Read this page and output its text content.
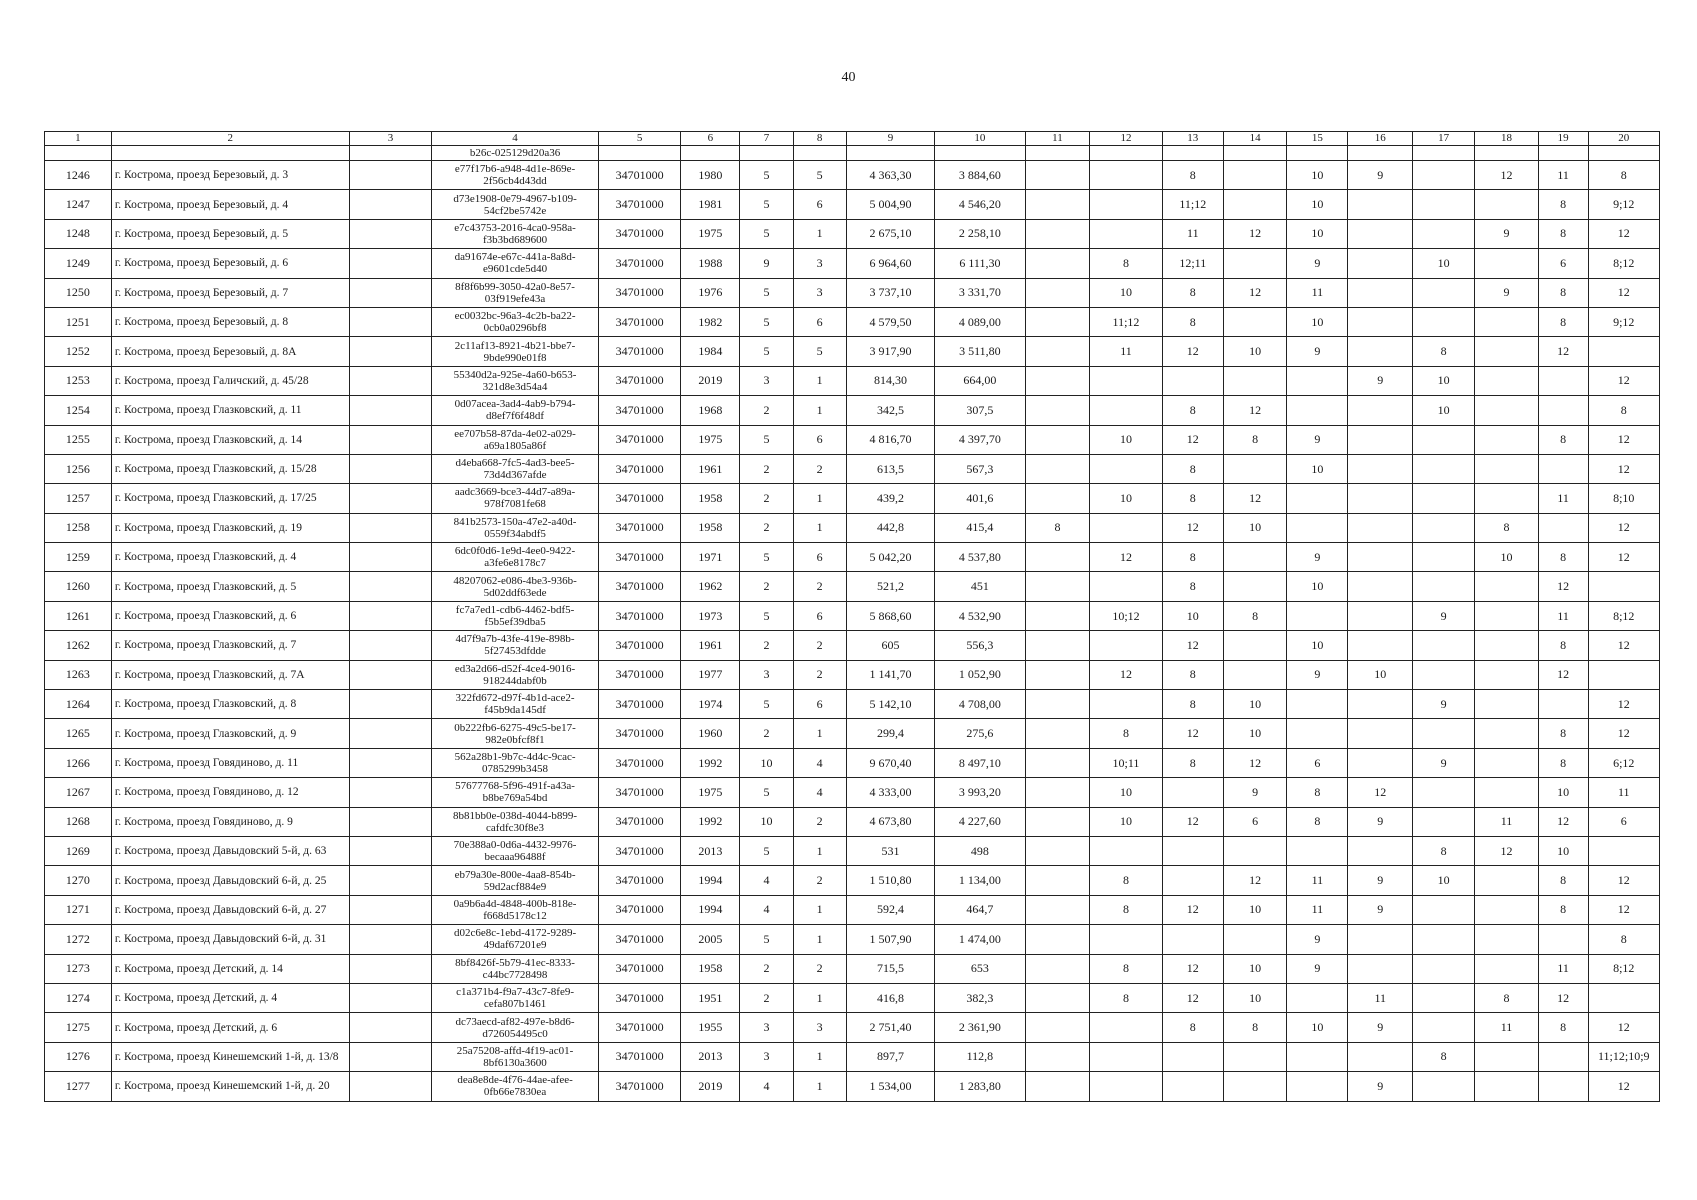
40
1	2	3	4	5	6	7	8	9	10	11	12	13	14	15	16	17	18	19	20
			b26c-025129d20a36																
1246	г. Кострома, проезд Березовый, д. 3		e77f17b6-a948-4d1e-869e-2f56cb4d43dd	34701000	1980	5	5	4 363,30	3 884,60			8		10	9		12	11	8
1247	г. Кострома, проезд Березовый, д. 4		d73e1908-0e79-4967-b109-54cf2be5742e	34701000	1981	5	6	5 004,90	4 546,20			11;12		10				8	9;12
1248	г. Кострома, проезд Березовый, д. 5		e7c43753-2016-4ca0-958a-f3b3bd689600	34701000	1975	5	1	2 675,10	2 258,10			11	12	10			9	8	12
1249	г. Кострома, проезд Березовый, д. 6		da91674e-e67c-441a-8a8d-e9601cde5d40	34701000	1988	9	3	6 964,60	6 111,30		8	12;11		9		10		6	8;12
1250	г. Кострома, проезд Березовый, д. 7		8f8f6b99-3050-42a0-8e57-03f919efe43a	34701000	1976	5	3	3 737,10	3 331,70		10	8	12	11			9	8	12
1251	г. Кострома, проезд Березовый, д. 8		ec0032bc-96a3-4c2b-ba22-0cb0a0296bf8	34701000	1982	5	6	4 579,50	4 089,00		11;12	8		10				8	9;12
1252	г. Кострома, проезд Березовый, д. 8А		2c11af13-8921-4b21-bbe7-9bde990e01f8	34701000	1984	5	5	3 917,90	3 511,80		11	12	10	9		8		12	
1253	г. Кострома, проезд Галичский, д. 45/28		55340d2a-925e-4a60-b653-321d8e3d54a4	34701000	2019	3	1	814,30	664,00						9	10			12
1254	г. Кострома, проезд Глазковский, д. 11		0d07acea-3ad4-4ab9-b794-d8ef7f6f48df	34701000	1968	2	1	342,5	307,5			8	12			10			8
1255	г. Кострома, проезд Глазковский, д. 14		ee707b58-87da-4e02-a029-a69a1805a86f	34701000	1975	5	6	4 816,70	4 397,70		10	12	8	9				8	12
1256	г. Кострома, проезд Глазковский, д. 15/28		d4eba668-7fc5-4ad3-bee5-73d4d367afde	34701000	1961	2	2	613,5	567,3			8		10					12
1257	г. Кострома, проезд Глазковский, д. 17/25		aadc3669-bce3-44d7-a89a-978f7081fe68	34701000	1958	2	1	439,2	401,6		10	8	12					11	8;10
1258	г. Кострома, проезд Глазковский, д. 19		841b2573-150a-47e2-a40d-0559f34abdf5	34701000	1958	2	1	442,8	415,4	8		12	10				8		12
1259	г. Кострома, проезд Глазковский, д. 4		6dc0f0d6-1e9d-4ee0-9422-a3fe6e8178c7	34701000	1971	5	6	5 042,20	4 537,80		12	8		9			10	8	12
1260	г. Кострома, проезд Глазковский, д. 5		48207062-e086-4be3-936b-5d02ddf63ede	34701000	1962	2	2	521,2	451			8		10				12	
1261	г. Кострома, проезд Глазковский, д. 6		fc7a7ed1-cdb6-4462-bdf5-f5b5ef39dba5	34701000	1973	5	6	5 868,60	4 532,90		10;12	10	8			9		11	8;12
1262	г. Кострома, проезд Глазковский, д. 7		4d7f9a7b-43fe-419e-898b-5f27453dfdde	34701000	1961	2	2	605	556,3			12		10				8	12
1263	г. Кострома, проезд Глазковский, д. 7А		ed3a2d66-d52f-4ce4-9016-918244dabf0b	34701000	1977	3	2	1 141,70	1 052,90		12	8		9	10			12	
1264	г. Кострома, проезд Глазковский, д. 8		322fd672-d97f-4b1d-ace2-f45b9da145df	34701000	1974	5	6	5 142,10	4 708,00			8	10			9			12
1265	г. Кострома, проезд Глазковский, д. 9		0b222fb6-6275-49c5-be17-982e0bfcf8f1	34701000	1960	2	1	299,4	275,6		8	12	10					8	12
1266	г. Кострома, проезд Говядиново, д. 11		562a28b1-9b7c-4d4c-9cac-0785299b3458	34701000	1992	10	4	9 670,40	8 497,10		10;11	8	12	6		9		8	6;12
1267	г. Кострома, проезд Говядиново, д. 12		57677768-5f96-491f-a43a-b8be769a54bd	34701000	1975	5	4	4 333,00	3 993,20		10		9	8	12			10	11
1268	г. Кострома, проезд Говядиново, д. 9		8b81bb0e-038d-4044-b899-cafdfc30f8e3	34701000	1992	10	2	4 673,80	4 227,60		10	12	6	8	9		11	12	6
1269	г. Кострома, проезд Давыдовский 5-й, д. 63		70e388a0-0d6a-4432-9976-becaaa96488f	34701000	2013	5	1	531	498							8	12	10	
1270	г. Кострома, проезд Давыдовский 6-й, д. 25		eb79a30e-800e-4aa8-854b-59d2acf884e9	34701000	1994	4	2	1 510,80	1 134,00		8		12	11	9	10		8	12
1271	г. Кострома, проезд Давыдовский 6-й, д. 27		0a9b6a4d-4848-400b-818e-f668d5178c12	34701000	1994	4	1	592,4	464,7		8	12	10	11	9			8	12
1272	г. Кострома, проезд Давыдовский 6-й, д. 31		d02c6e8c-1ebd-4172-9289-49daf67201e9	34701000	2005	5	1	1 507,90	1 474,00					9					8
1273	г. Кострома, проезд Детский, д. 14		8bf8426f-5b79-41ec-8333-c44bc7728498	34701000	1958	2	2	715,5	653		8	12	10	9				11	8;12
1274	г. Кострома, проезд Детский, д. 4		c1a371b4-f9a7-43c7-8fe9-cefa807b1461	34701000	1951	2	1	416,8	382,3		8	12	10		11		8	12	
1275	г. Кострома, проезд Детский, д. 6		dc73aecd-af82-497e-b8d6-d726054495c0	34701000	1955	3	3	2 751,40	2 361,90			8	8	10	9		11	8	12
1276	г. Кострома, проезд Кинешемский 1-й, д. 13/8		25a75208-affd-4f19-ac01-8bf6130a3600	34701000	2013	3	1	897,7	112,8							8			11;12;10;9
1277	г. Кострома, проезд Кинешемский 1-й, д. 20		dea8e8de-4f76-44ae-afee-0fb66e7830ea	34701000	2019	4	1	1 534,00	1 283,80						9				12
